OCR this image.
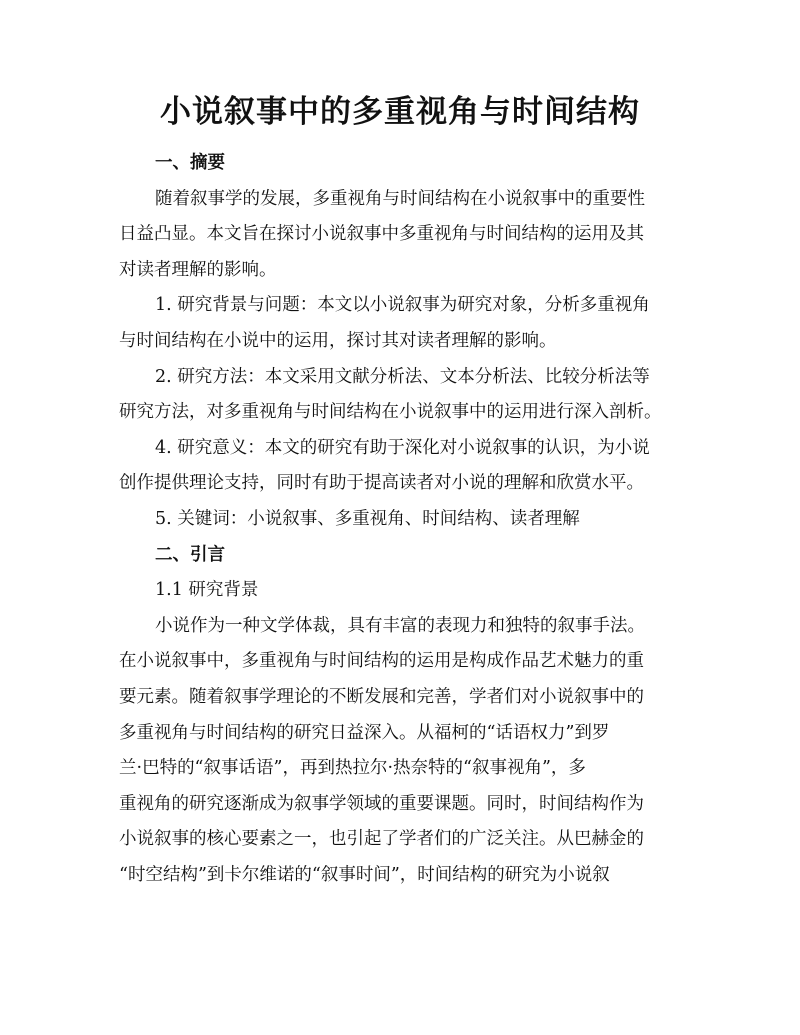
小说叙事中的多重视角与时间结构

一、摘要

随着叙事学的发展，多重视角与时间结构在小说叙事中的重要性

日益凸显。本文旨在探讨小说叙事中多重视角与时间结构的运用及其

对读者理解的影响。

1. 研究背景与问题：本文以小说叙事为研究对象，分析多重视角

与时间结构在小说中的运用，探讨其对读者理解的影响。

2. 研究方法：本文采用文献分析法、文本分析法、比较分析法等

研究方法，对多重视角与时间结构在小说叙事中的运用进行深入剖析。

4. 研究意义：本文的研究有助于深化对小说叙事的认识，为小说

创作提供理论支持，同时有助于提高读者对小说的理解和欣赏水平。

5. 关键词：小说叙事、多重视角、时间结构、读者理解

二、引言

1.1 研究背景

小说作为一种文学体裁，具有丰富的表现力和独特的叙事手法。

在小说叙事中，多重视角与时间结构的运用是构成作品艺术魅力的重

要元素。随着叙事学理论的不断发展和完善，学者们对小说叙事中的

多重视角与时间结构的研究日益深入。从福柯的“话语权力”到罗

兰·巴特的“叙事话语”，再到热拉尔·热奈特的“叙事视角”，多

重视角的研究逐渐成为叙事学领域的重要课题。同时，时间结构作为

小说叙事的核心要素之一，也引起了学者们的广泛关注。从巴赫金的

“时空结构”到卡尔维诺的“叙事时间”，时间结构的研究为小说叙
